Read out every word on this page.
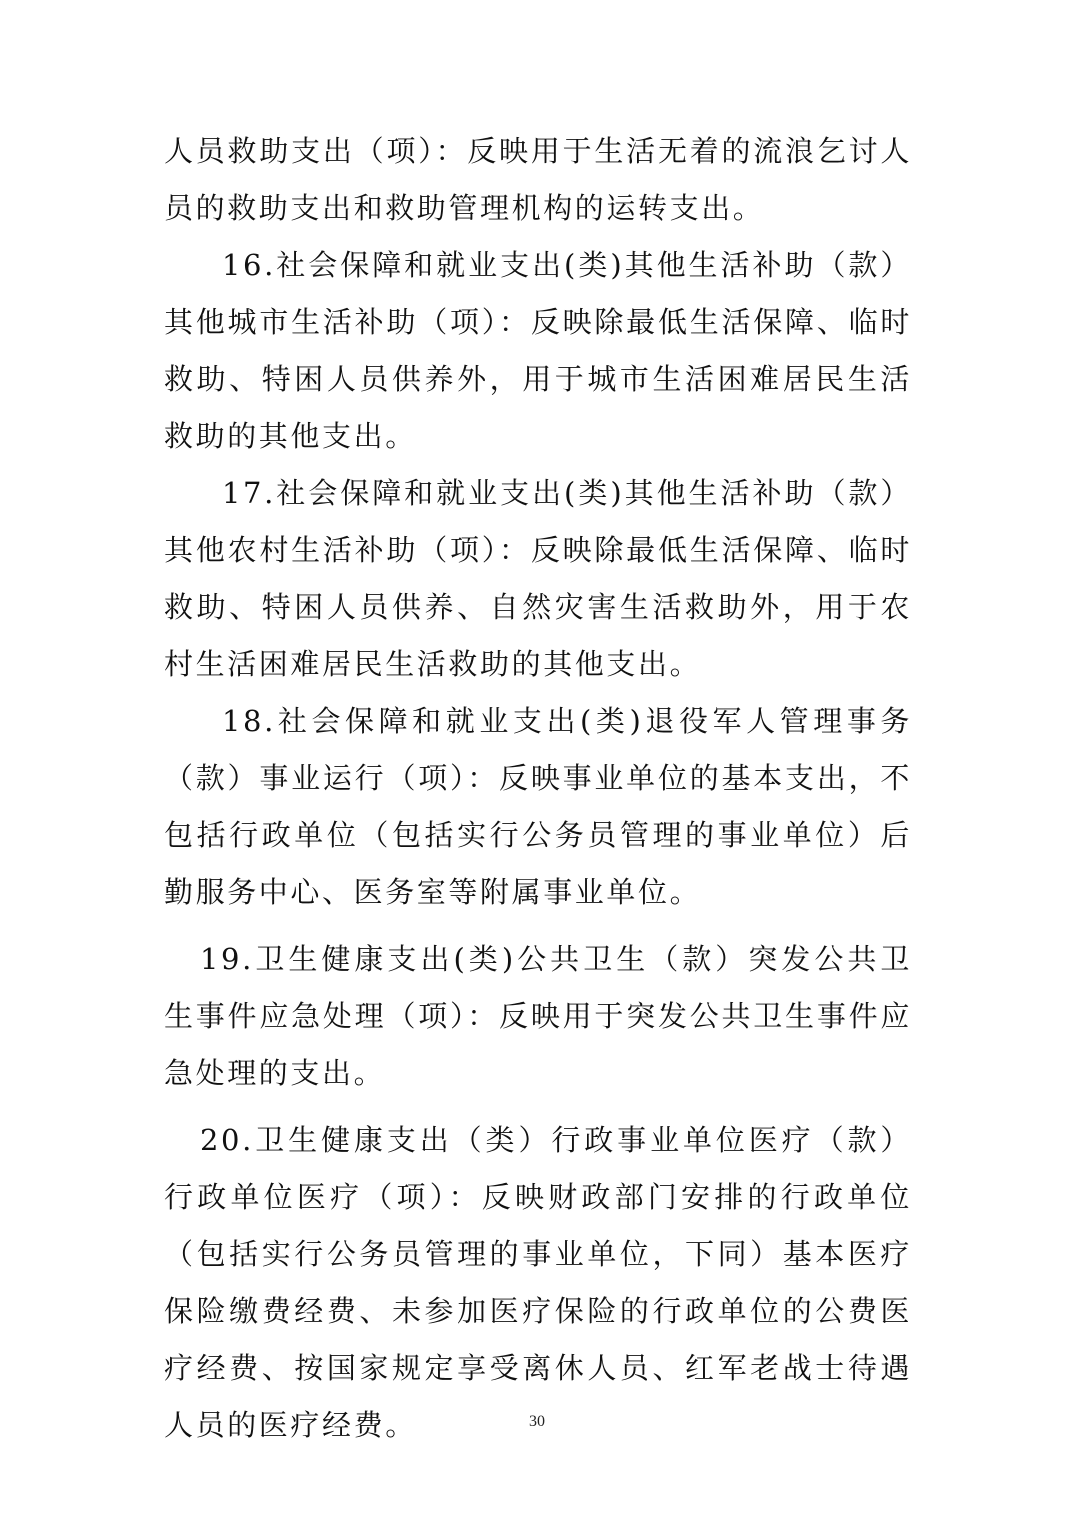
人员救助支出（项）：反映用于生活无着的流浪乞讨人员的救助支出和救助管理机构的运转支出。

16.社会保障和就业支出(类)其他生活补助（款）其他城市生活补助（项）：反映除最低生活保障、临时救助、特困人员供养外，用于城市生活困难居民生活救助的其他支出。

17.社会保障和就业支出(类)其他生活补助（款）其他农村生活补助（项）：反映除最低生活保障、临时救助、特困人员供养、自然灾害生活救助外，用于农村生活困难居民生活救助的其他支出。

18.社会保障和就业支出(类)退役军人管理事务（款）事业运行（项）：反映事业单位的基本支出，不包括行政单位（包括实行公务员管理的事业单位）后勤服务中心、医务室等附属事业单位。

19.卫生健康支出(类)公共卫生（款）突发公共卫生事件应急处理（项）：反映用于突发公共卫生事件应急处理的支出。

20.卫生健康支出（类）行政事业单位医疗（款）行政单位医疗（项）：反映财政部门安排的行政单位（包括实行公务员管理的事业单位，下同）基本医疗保险缴费经费、未参加医疗保险的行政单位的公费医疗经费、按国家规定享受离休人员、红军老战士待遇人员的医疗经费。	30
